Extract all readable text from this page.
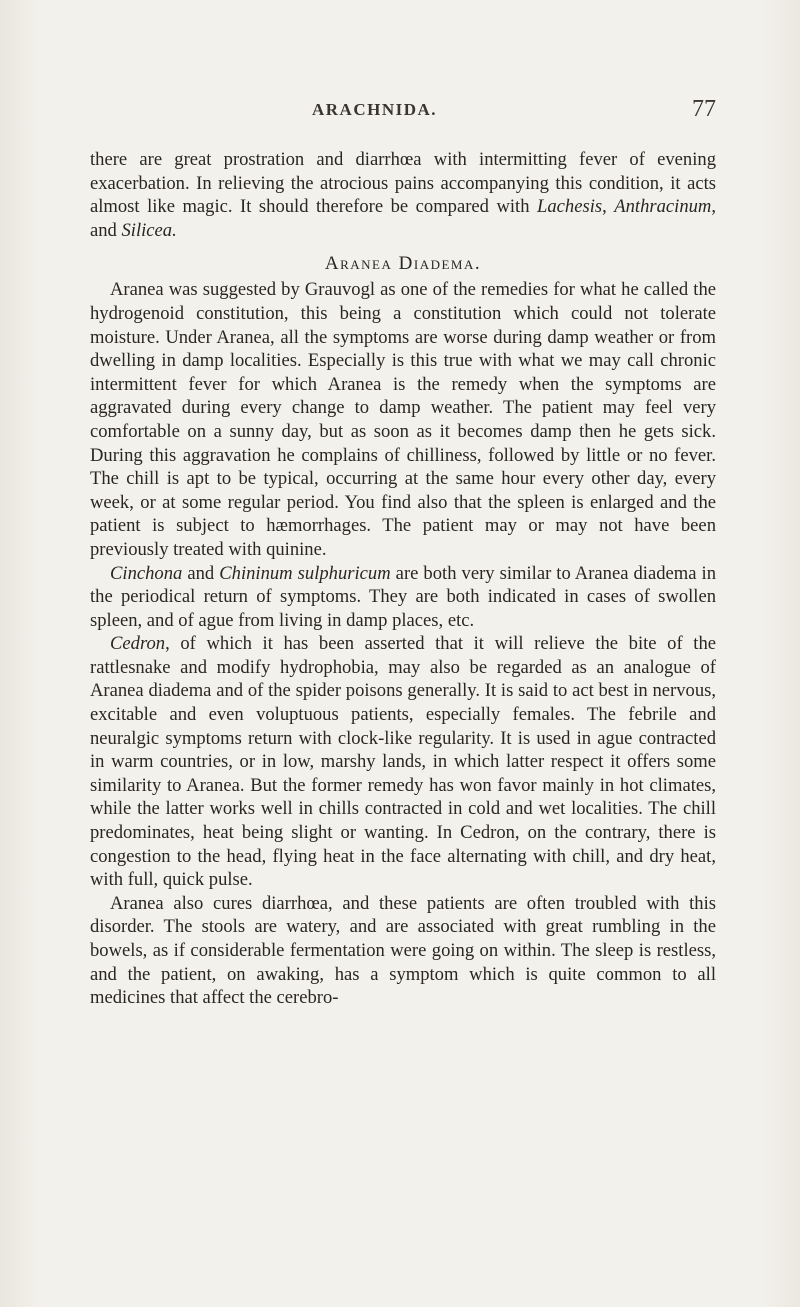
ARACHNIDA.	77

there are great prostration and diarrhœa with intermitting fever of evening exacerbation. In relieving the atrocious pains accompanying this condition, it acts almost like magic. It should therefore be compared with Lachesis, Anthracinum, and Silicea.

Aranea Diadema.

Aranea was suggested by Grauvogl as one of the remedies for what he called the hydrogenoid constitution, this being a constitution which could not tolerate moisture. Under Aranea, all the symptoms are worse during damp weather or from dwelling in damp localities. Especially is this true with what we may call chronic intermittent fever for which Aranea is the remedy when the symptoms are aggravated during every change to damp weather. The patient may feel very comfortable on a sunny day, but as soon as it becomes damp then he gets sick. During this aggravation he complains of chilliness, followed by little or no fever. The chill is apt to be typical, occurring at the same hour every other day, every week, or at some regular period. You find also that the spleen is enlarged and the patient is subject to hæmorrhages. The patient may or may not have been previously treated with quinine.

Cinchona and Chininum sulphuricum are both very similar to Aranea diadema in the periodical return of symptoms. They are both indicated in cases of swollen spleen, and of ague from living in damp places, etc.

Cedron, of which it has been asserted that it will relieve the bite of the rattlesnake and modify hydrophobia, may also be regarded as an analogue of Aranea diadema and of the spider poisons generally. It is said to act best in nervous, excitable and even voluptuous patients, especially females. The febrile and neuralgic symptoms return with clock-like regularity. It is used in ague contracted in warm countries, or in low, marshy lands, in which latter respect it offers some similarity to Aranea. But the former remedy has won favor mainly in hot climates, while the latter works well in chills contracted in cold and wet localities. The chill predominates, heat being slight or wanting. In Cedron, on the contrary, there is congestion to the head, flying heat in the face alternating with chill, and dry heat, with full, quick pulse.

Aranea also cures diarrhœa, and these patients are often troubled with this disorder. The stools are watery, and are associated with great rumbling in the bowels, as if considerable fermentation were going on within. The sleep is restless, and the patient, on awaking, has a symptom which is quite common to all medicines that affect the cerebro-
